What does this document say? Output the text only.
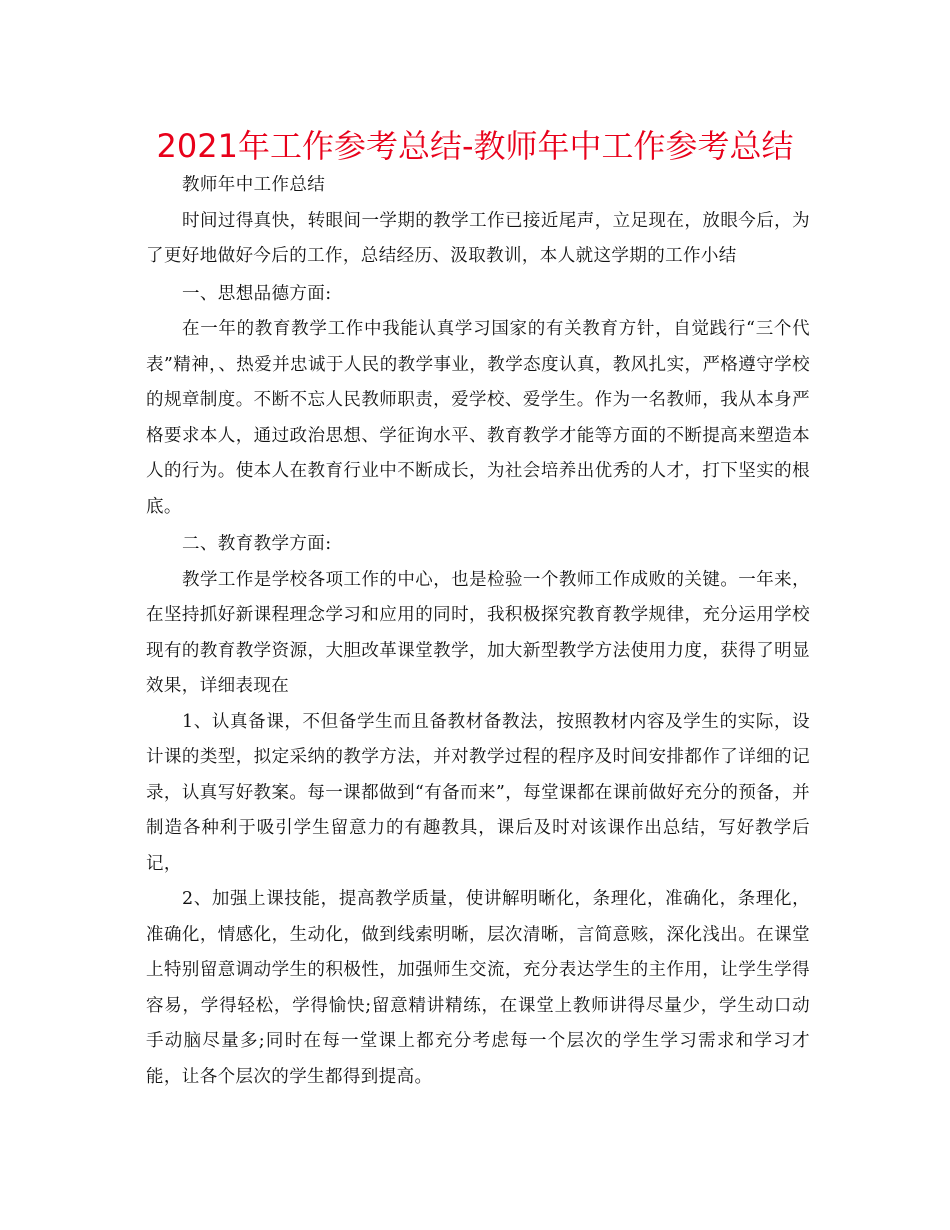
2021年工作参考总结-教师年中工作参考总结

教师年中工作总结

时间过得真快，转眼间一学期的教学工作已接近尾声，立足现在，放眼今后，为了更好地做好今后的工作，总结经历、汲取教训，本人就这学期的工作小结

一、思想品德方面:

在一年的教育教学工作中我能认真学习国家的有关教育方针，自觉践行“三个代表”精神，、热爱并忠诚于人民的教学事业，教学态度认真，教风扎实，严格遵守学校的规章制度。不断不忘人民教师职责，爱学校、爱学生。作为一名教师，我从本身严格要求本人，通过政治思想、学征询水平、教育教学才能等方面的不断提高来塑造本人的行为。使本人在教育行业中不断成长，为社会培养出优秀的人才，打下坚实的根底。

二、教育教学方面:

教学工作是学校各项工作的中心，也是检验一个教师工作成败的关键。一年来，在坚持抓好新课程理念学习和应用的同时，我积极探究教育教学规律，充分运用学校现有的教育教学资源，大胆改革课堂教学，加大新型教学方法使用力度，获得了明显效果，详细表现在

1、认真备课，不但备学生而且备教材备教法，按照教材内容及学生的实际，设计课的类型，拟定采纳的教学方法，并对教学过程的程序及时间安排都作了详细的记录，认真写好教案。每一课都做到“有备而来”，每堂课都在课前做好充分的预备，并制造各种利于吸引学生留意力的有趣教具，课后及时对该课作出总结，写好教学后记，

2、加强上课技能，提高教学质量，使讲解明晰化，条理化，准确化，条理化，准确化，情感化，生动化，做到线索明晰，层次清晰，言简意赅，深化浅出。在课堂上特别留意调动学生的积极性，加强师生交流，充分表达学生的主作用，让学生学得容易，学得轻松，学得愉快;留意精讲精练，在课堂上教师讲得尽量少，学生动口动手动脑尽量多;同时在每一堂课上都充分考虑每一个层次的学生学习需求和学习才能，让各个层次的学生都得到提高。
